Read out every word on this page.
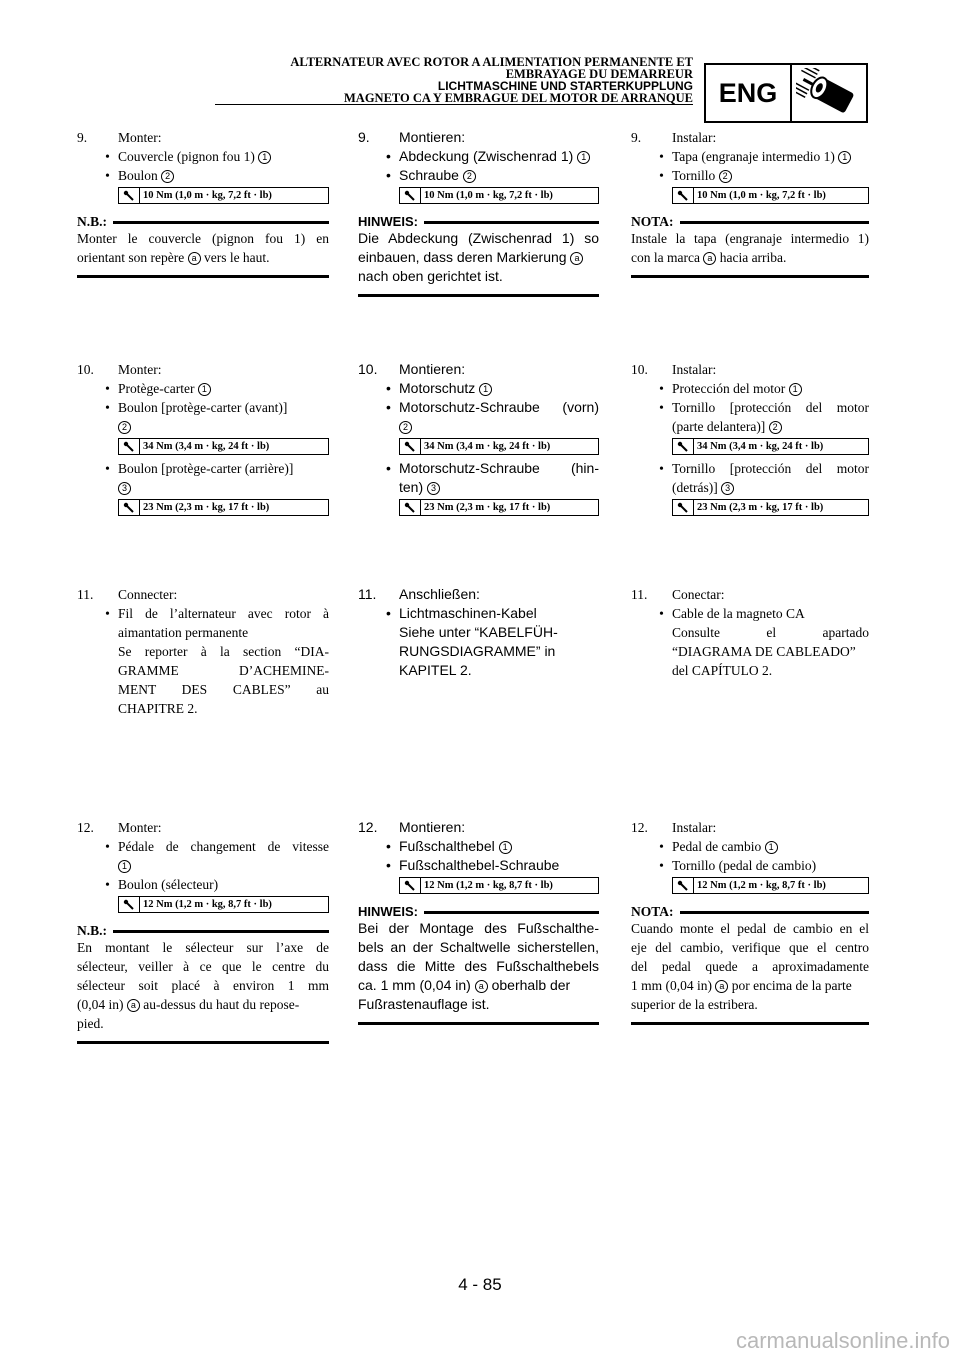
ALTERNATEUR AVEC ROTOR A ALIMENTATION PERMANENTE ET
EMBRAYAGE DU DEMARREUR
LICHTMASCHINE UND STARTERKUPPLUNG
MAGNETO CA Y EMBRAGUE DEL MOTOR DE ARRANQUE ENG
9.	Monter:
• Couvercle (pignon fou 1) 1
• Boulon 2
10 Nm (1,0 m · kg, 7,2 ft · lb)
N.B.:
Monter le couvercle (pignon fou 1) en
orientant son repère a vers le haut.
10.	Monter:
• Protège-carter 1
• Boulon [protège-carter (avant)]
2
34 Nm (3,4 m · kg, 24 ft · lb)
• Boulon [protège-carter (arrière)]
3
23 Nm (2,3 m · kg, 17 ft · lb)
11.	Connecter:
• Fil de l’alternateur avec rotor à
aimantation permanente
Se reporter à la section “DIA-
GRAMME D’ACHEMINE-
MENT DES CABLES” au
CHAPITRE 2.
12.	Monter:
• Pédale de changement de vitesse
1
• Boulon (sélecteur)
12 Nm (1,2 m · kg, 8,7 ft · lb)
N.B.:
En montant le sélecteur sur l’axe de
sélecteur, veiller à ce que le centre du
sélecteur soit placé à environ 1 mm
(0,04 in) a au-dessus du haut du repose-
pied.
9.	Montieren:
• Abdeckung (Zwischenrad 1) 1
• Schraube 2
10 Nm (1,0 m · kg, 7,2 ft · lb)
HINWEIS:
Die Abdeckung (Zwischenrad 1) so
einbauen, dass deren Markierung a
nach oben gerichtet ist.
10.	Montieren:
• Motorschutz 1
• Motorschutz-Schraube (vorn)
2
34 Nm (3,4 m · kg, 24 ft · lb)
• Motorschutz-Schraube (hin-
ten) 3
23 Nm (2,3 m · kg, 17 ft · lb)
11.	Anschließen:
• Lichtmaschinen-Kabel
Siehe unter “KABELFÜH-
RUNGSDIAGRAMME” in
KAPITEL 2.
12.	Montieren:
• Fußschalthebel 1
• Fußschalthebel-Schraube
12 Nm (1,2 m · kg, 8,7 ft · lb)
HINWEIS:
Bei der Montage des Fußschalthe-
bels an der Schaltwelle sicherstellen,
dass die Mitte des Fußschalthebels
ca. 1 mm (0,04 in) a oberhalb der
Fußrastenauflage ist.
9.	Instalar:
• Tapa (engranaje intermedio 1) 1
• Tornillo 2
10 Nm (1,0 m · kg, 7,2 ft · lb)
NOTA:
Instale la tapa (engranaje intermedio 1)
con la marca a hacia arriba.
10.	Instalar:
• Protección del motor 1
• Tornillo [protección del motor
(parte delantera)] 2
34 Nm (3,4 m · kg, 24 ft · lb)
• Tornillo [protección del motor
(detrás)] 3
23 Nm (2,3 m · kg, 17 ft · lb)
11.	Conectar:
• Cable de la magneto CA
Consulte el apartado
“DIAGRAMA DE CABLEADO”
del CAPÍTULO 2.
12.	Instalar:
• Pedal de cambio 1
• Tornillo (pedal de cambio)
12 Nm (1,2 m · kg, 8,7 ft · lb)
NOTA:
Cuando monte el pedal de cambio en el
eje del cambio, verifique que el centro
del pedal quede a aproximadamente
1 mm (0,04 in) a por encima de la parte
superior de la estribera.
4 - 85
carmanualsonline.info
